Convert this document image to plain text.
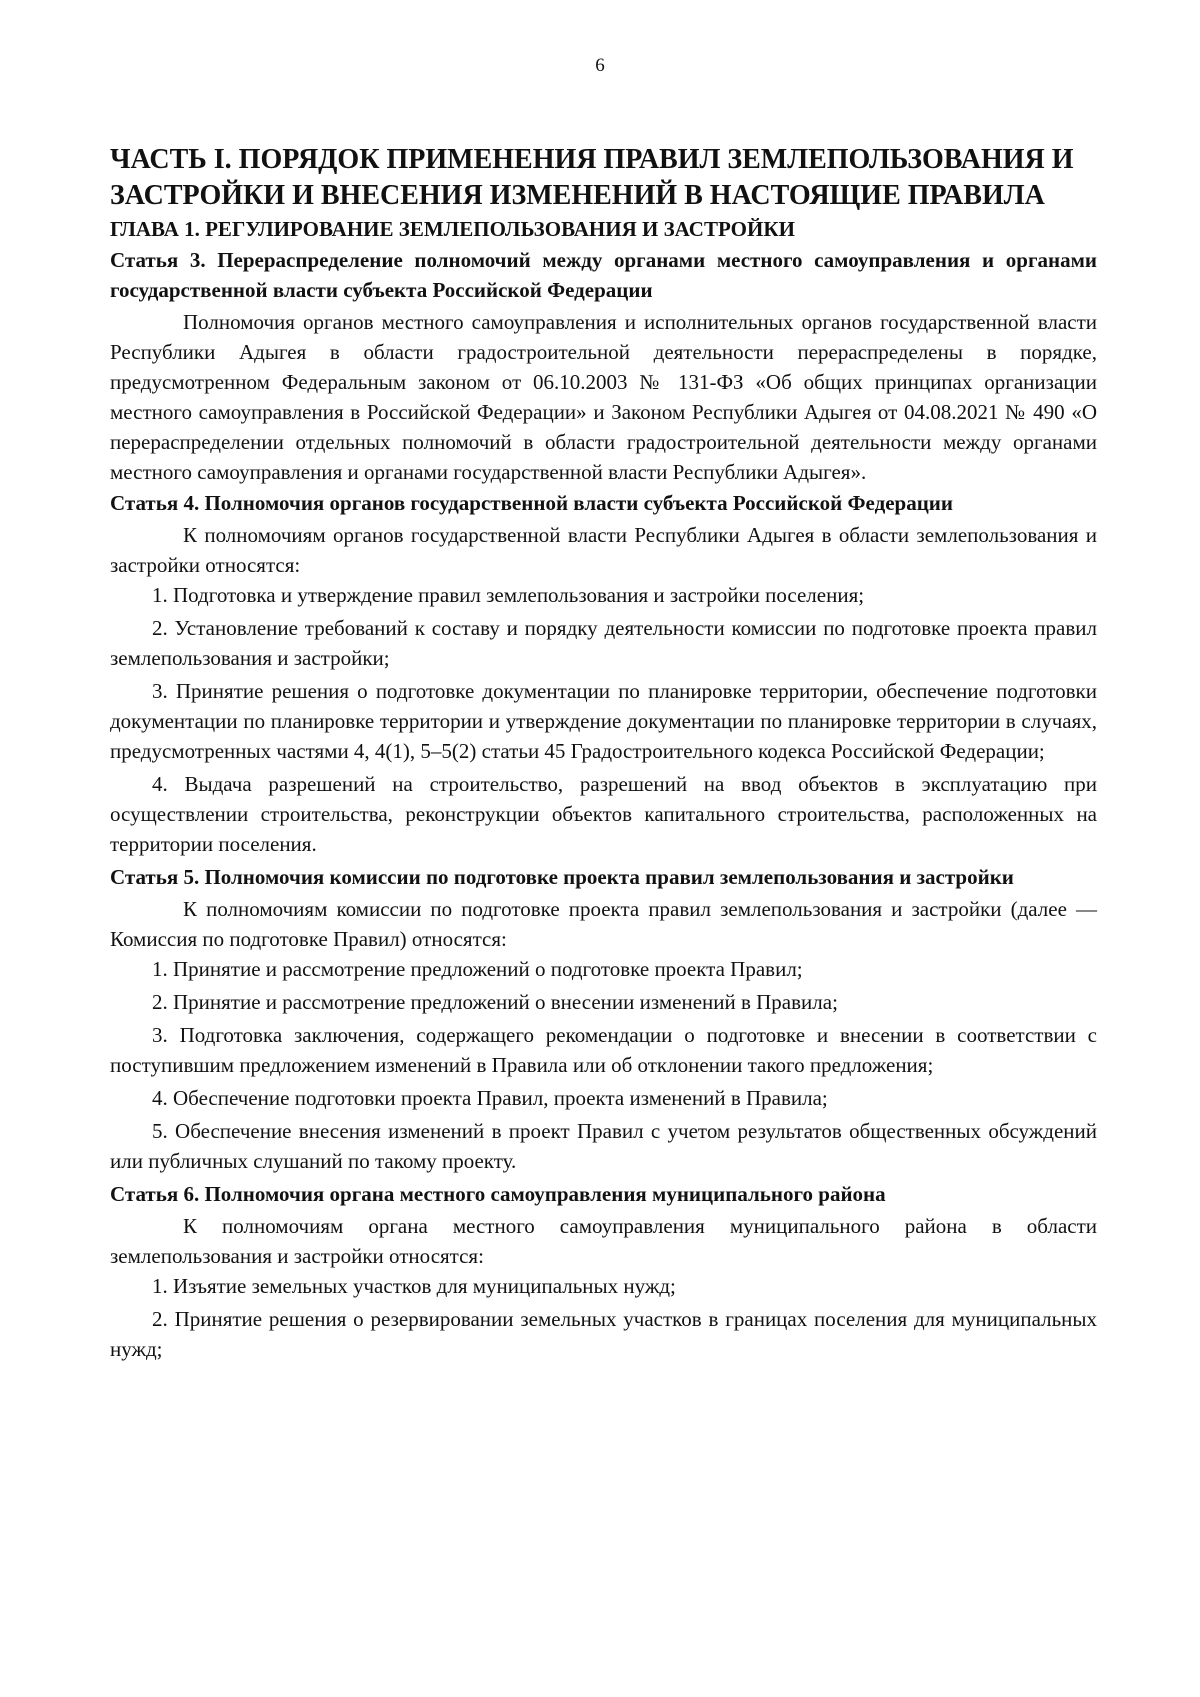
6
ЧАСТЬ I. ПОРЯДОК ПРИМЕНЕНИЯ ПРАВИЛ ЗЕМЛЕПОЛЬЗОВАНИЯ И ЗАСТРОЙКИ И ВНЕСЕНИЯ ИЗМЕНЕНИЙ В НАСТОЯЩИЕ ПРАВИЛА
ГЛАВА 1. РЕГУЛИРОВАНИЕ ЗЕМЛЕПОЛЬЗОВАНИЯ И ЗАСТРОЙКИ
Статья 3. Перераспределение полномочий между органами местного самоуправления и органами государственной власти субъекта Российской Федерации

Полномочия органов местного самоуправления и исполнительных органов государственной власти Республики Адыгея в области градостроительной деятельности перераспределены в порядке, предусмотренном Федеральным законом от 06.10.2003 № 131-ФЗ «Об общих принципах организации местного самоуправления в Российской Федерации» и Законом Республики Адыгея от 04.08.2021 № 490 «О перераспределении отдельных полномочий в области градостроительной деятельности между органами местного самоуправления и органами государственной власти Республики Адыгея».

Статья 4. Полномочия органов государственной власти субъекта Российской Федерации

К полномочиям органов государственной власти Республики Адыгея в области землепользования и застройки относятся:

1. Подготовка и утверждение правил землепользования и застройки поселения;

2. Установление требований к составу и порядку деятельности комиссии по подготовке проекта правил землепользования и застройки;

3. Принятие решения о подготовке документации по планировке территории, обеспечение подготовки документации по планировке территории и утверждение документации по планировке территории в случаях, предусмотренных частями 4, 4(1), 5–5(2) статьи 45 Градостроительного кодекса Российской Федерации;

4. Выдача разрешений на строительство, разрешений на ввод объектов в эксплуатацию при осуществлении строительства, реконструкции объектов капитального строительства, расположенных на территории поселения.

Статья 5. Полномочия комиссии по подготовке проекта правил землепользования и застройки

К полномочиям комиссии по подготовке проекта правил землепользования и застройки (далее — Комиссия по подготовке Правил) относятся:

1. Принятие и рассмотрение предложений о подготовке проекта Правил;

2. Принятие и рассмотрение предложений о внесении изменений в Правила;

3. Подготовка заключения, содержащего рекомендации о подготовке и внесении в соответствии с поступившим предложением изменений в Правила или об отклонении такого предложения;

4. Обеспечение подготовки проекта Правил, проекта изменений в Правила;

5. Обеспечение внесения изменений в проект Правил с учетом результатов общественных обсуждений или публичных слушаний по такому проекту.

Статья 6. Полномочия органа местного самоуправления муниципального района

К полномочиям органа местного самоуправления муниципального района в области землепользования и застройки относятся:

1. Изъятие земельных участков для муниципальных нужд;

2. Принятие решения о резервировании земельных участков в границах поселения для муниципальных нужд;
